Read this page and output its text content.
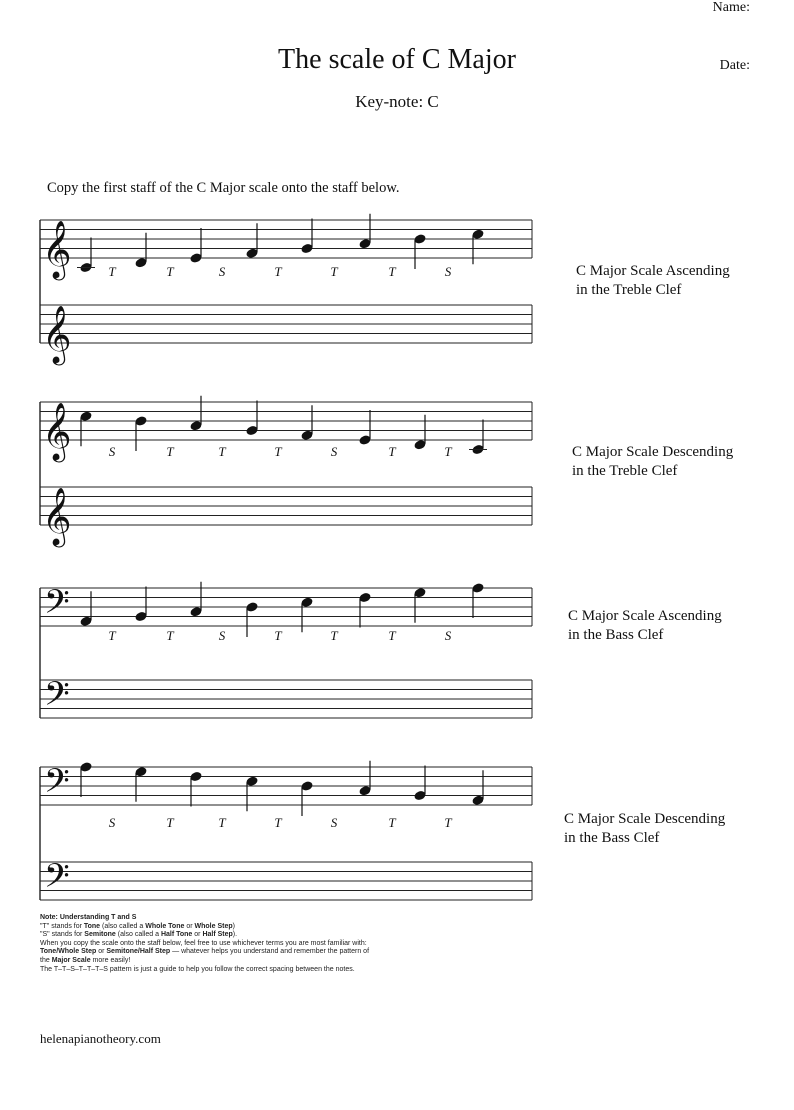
Name:
Date:
The scale of C Major
Key-note: C
Copy the first staff of the C Major scale onto the staff below.
𝄞
𝄞
T	T	S	T	T	T	S
𝄞
𝄞
S	T	T	T	S	T	T
𝄢
𝄢
T	T	S	T	T	T	S
𝄢
𝄢
S	T	T	T	S	T	T
C Major Scale Ascending
in the Treble Clef
C Major Scale Descending
in the Treble Clef
C Major Scale Ascending
in the Bass Clef
C Major Scale Descending
in the Bass Clef
Note: Understanding T and S
"T" stands for Tone (also called a Whole Tone or Whole Step)
"S" stands for Semitone (also called a Half Tone or Half Step).
When you copy the scale onto the staff below, feel free to use whichever terms you are most familiar with:
Tone/Whole Step or Semitone/Half Step — whatever helps you understand and remember the pattern of
the Major Scale more easily!
The T–T–S–T–T–T–S pattern is just a guide to help you follow the correct spacing between the notes.
helenapianotheory.com
